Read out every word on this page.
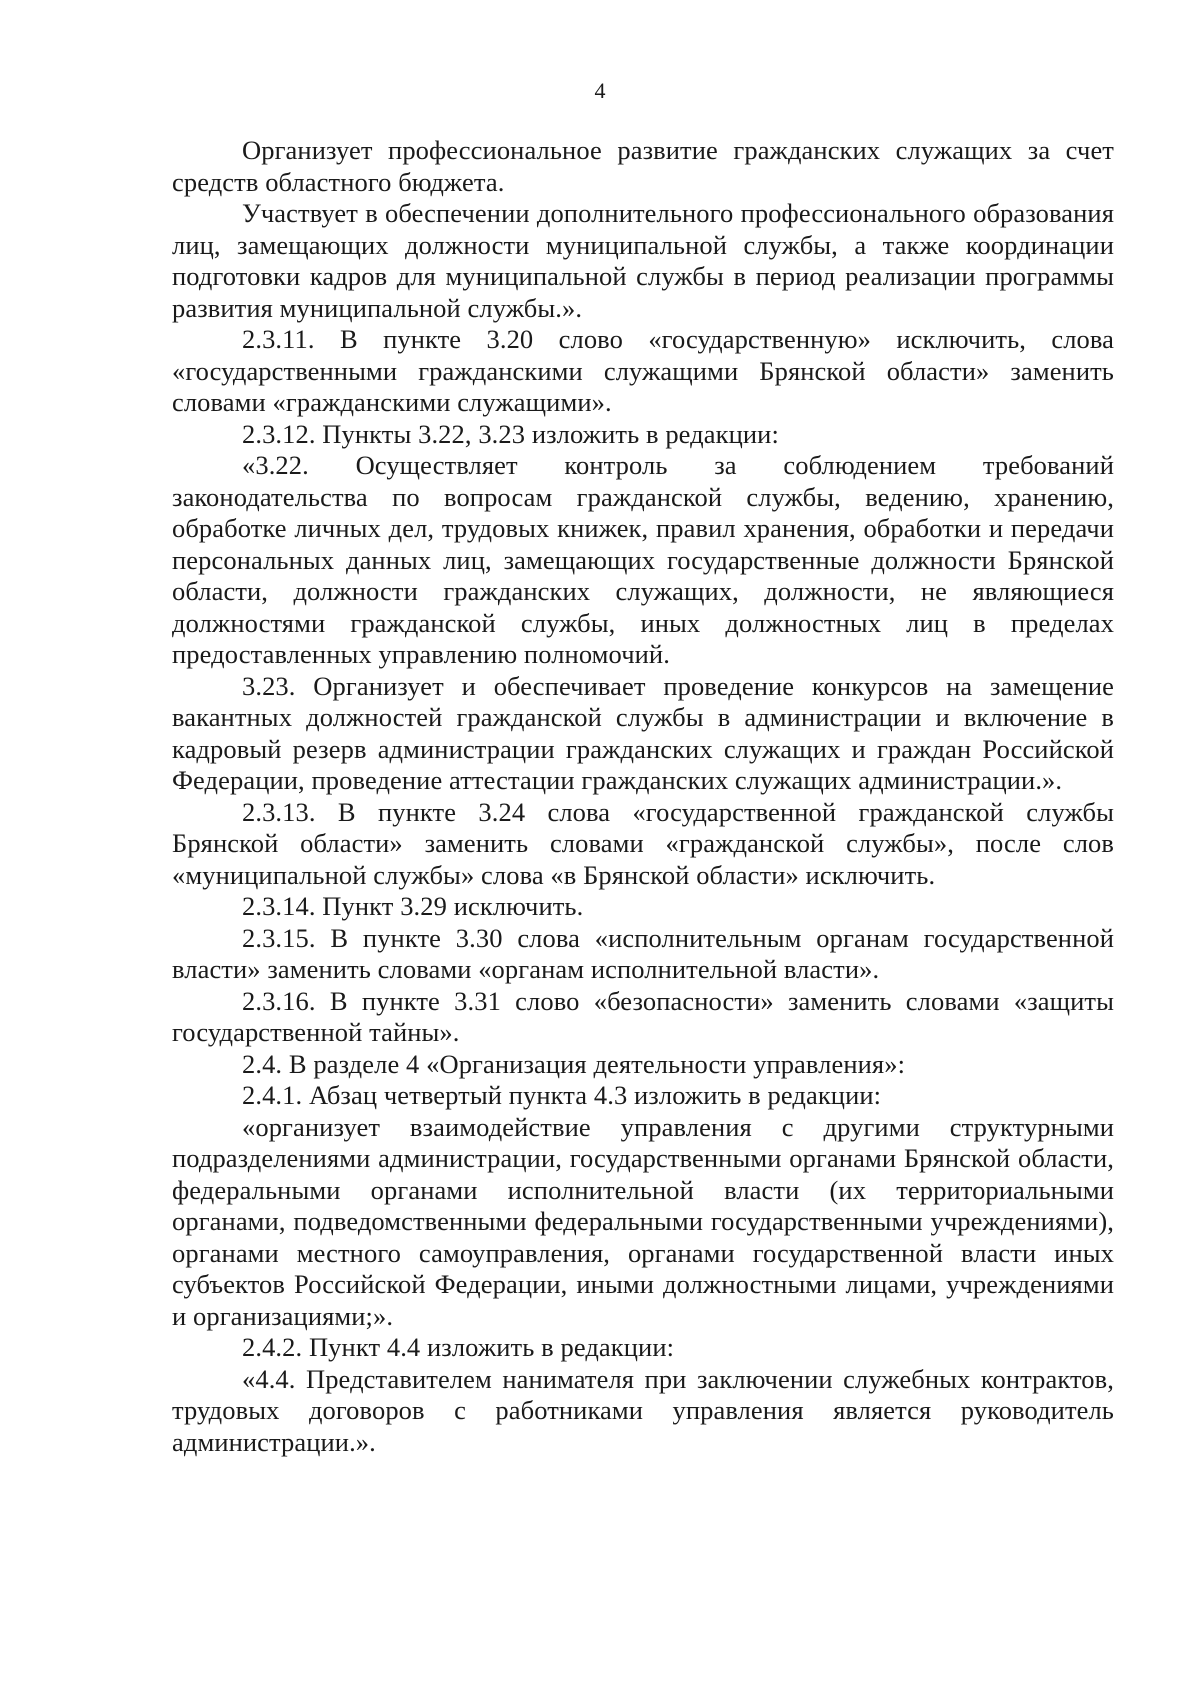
4

Организует профессиональное развитие гражданских служащих за счет средств областного бюджета.

Участвует в обеспечении дополнительного профессионального образования лиц, замещающих должности муниципальной службы, а также координации подготовки кадров для муниципальной службы в период реализации программы развития муниципальной службы.».

2.3.11. В пункте 3.20 слово «государственную» исключить, слова «государственными гражданскими служащими Брянской области» заменить словами «гражданскими служащими».

2.3.12. Пункты 3.22, 3.23 изложить в редакции:

«3.22. Осуществляет контроль за соблюдением требований законодательства по вопросам гражданской службы, ведению, хранению, обработке личных дел, трудовых книжек, правил хранения, обработки и передачи персональных данных лиц, замещающих государственные должности Брянской области, должности гражданских служащих, должности, не являющиеся должностями гражданской службы, иных должностных лиц в пределах предоставленных управлению полномочий.

3.23. Организует и обеспечивает проведение конкурсов на замещение вакантных должностей гражданской службы в администрации и включение в кадровый резерв администрации гражданских служащих и граждан Российской Федерации, проведение аттестации гражданских служащих администрации.».

2.3.13. В пункте 3.24 слова «государственной гражданской службы Брянской области» заменить словами «гражданской службы», после слов «муниципальной службы» слова «в Брянской области» исключить.

2.3.14. Пункт 3.29 исключить.

2.3.15. В пункте 3.30 слова «исполнительным органам государственной власти» заменить словами «органам исполнительной власти».

2.3.16. В пункте 3.31 слово «безопасности» заменить словами «защиты государственной тайны».

2.4. В разделе 4 «Организация деятельности управления»:

2.4.1. Абзац четвертый пункта 4.3 изложить в редакции:

«организует взаимодействие управления с другими структурными подразделениями администрации, государственными органами Брянской области, федеральными органами исполнительной власти (их территориальными органами, подведомственными федеральными государственными учреждениями), органами местного самоуправления, органами государственной власти иных субъектов Российской Федерации, иными должностными лицами, учреждениями и организациями;».

2.4.2. Пункт 4.4 изложить в редакции:

«4.4. Представителем нанимателя при заключении служебных контрактов, трудовых договоров с работниками управления является руководитель администрации.».
